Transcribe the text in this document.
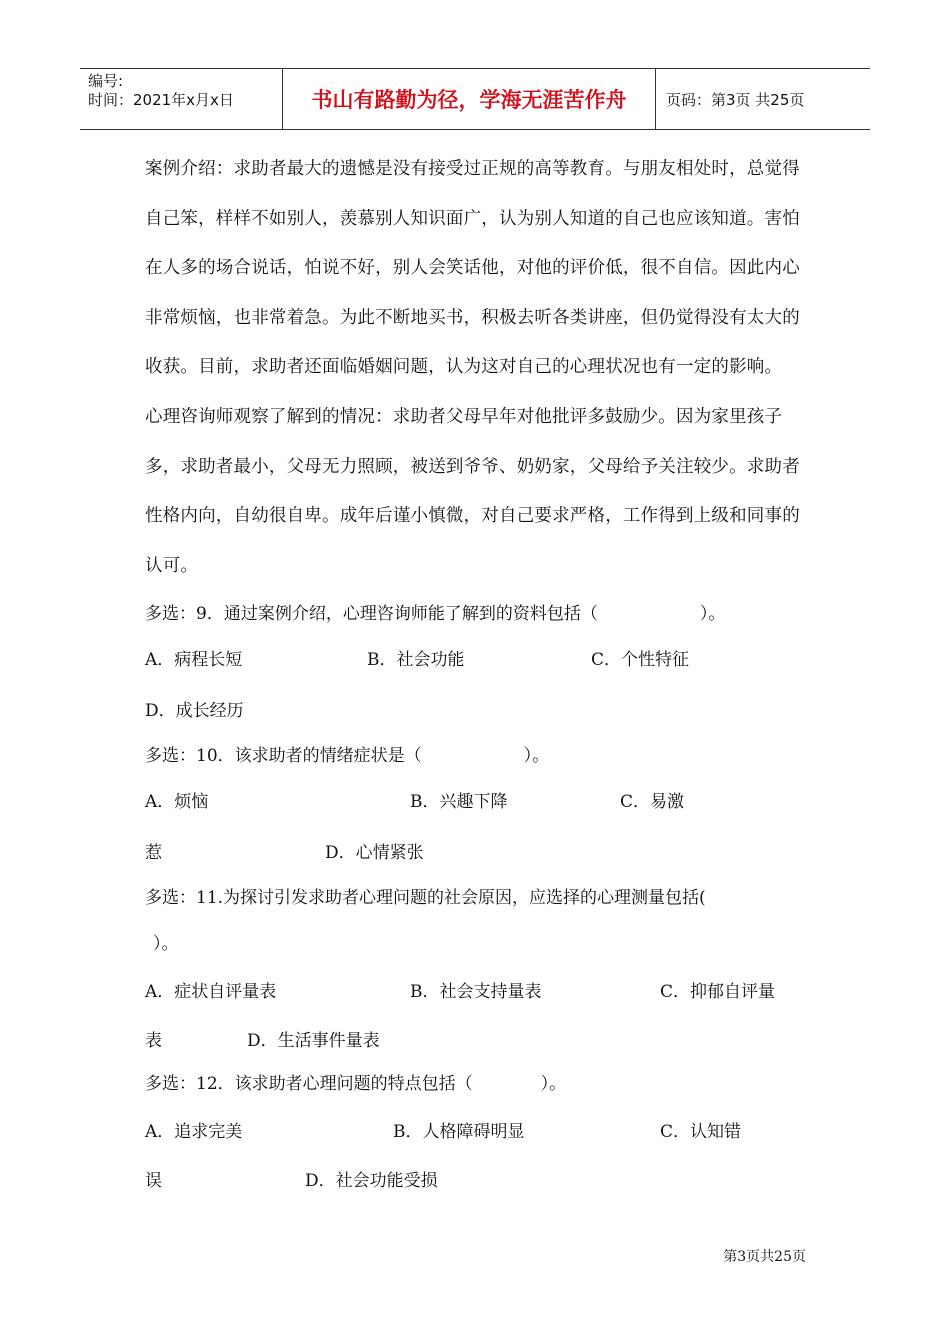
编号:
时间：2021年x月x日	书山有路勤为径，学海无涯苦作舟	页码：第3页 共25页
案例介绍：求助者最大的遗憾是没有接受过正规的高等教育。与朋友相处时，总觉得自己笨，样样不如别人，羡慕别人知识面广，认为别人知道的自己也应该知道。害怕在人多的场合说话，怕说不好，别人会笑话他，对他的评价低，很不自信。因此内心非常烦恼，也非常着急。为此不断地买书，积极去听各类讲座，但仍觉得没有太大的收获。目前，求助者还面临婚姻问题，认为这对自己的心理状况也有一定的影响。
心理咨询师观察了解到的情况：求助者父母早年对他批评多鼓励少。因为家里孩子多，求助者最小，父母无力照顾，被送到爷爷、奶奶家，父母给予关注较少。求助者性格内向，自幼很自卑。成年后谨小慎微，对自己要求严格，工作得到上级和同事的认可。
多选：9．通过案例介绍，心理咨询师能了解到的资料包括（　　　　　　）。
A．病程长短	B．社会功能	C．个性特征
D．成长经历
多选：10．该求助者的情绪症状是（　　　　　　）。
A．烦恼	B．兴趣下降	C．易激
惹	D．心情紧张
多选：11.为探讨引发求助者心理问题的社会原因，应选择的心理测量包括(
）。
A．症状自评量表	B．社会支持量表	C．抑郁自评量
表	D．生活事件量表
多选：12．该求助者心理问题的特点包括（　　　　）。
A．追求完美	B．人格障碍明显	C．认知错
误	D．社会功能受损
第3页共25页
